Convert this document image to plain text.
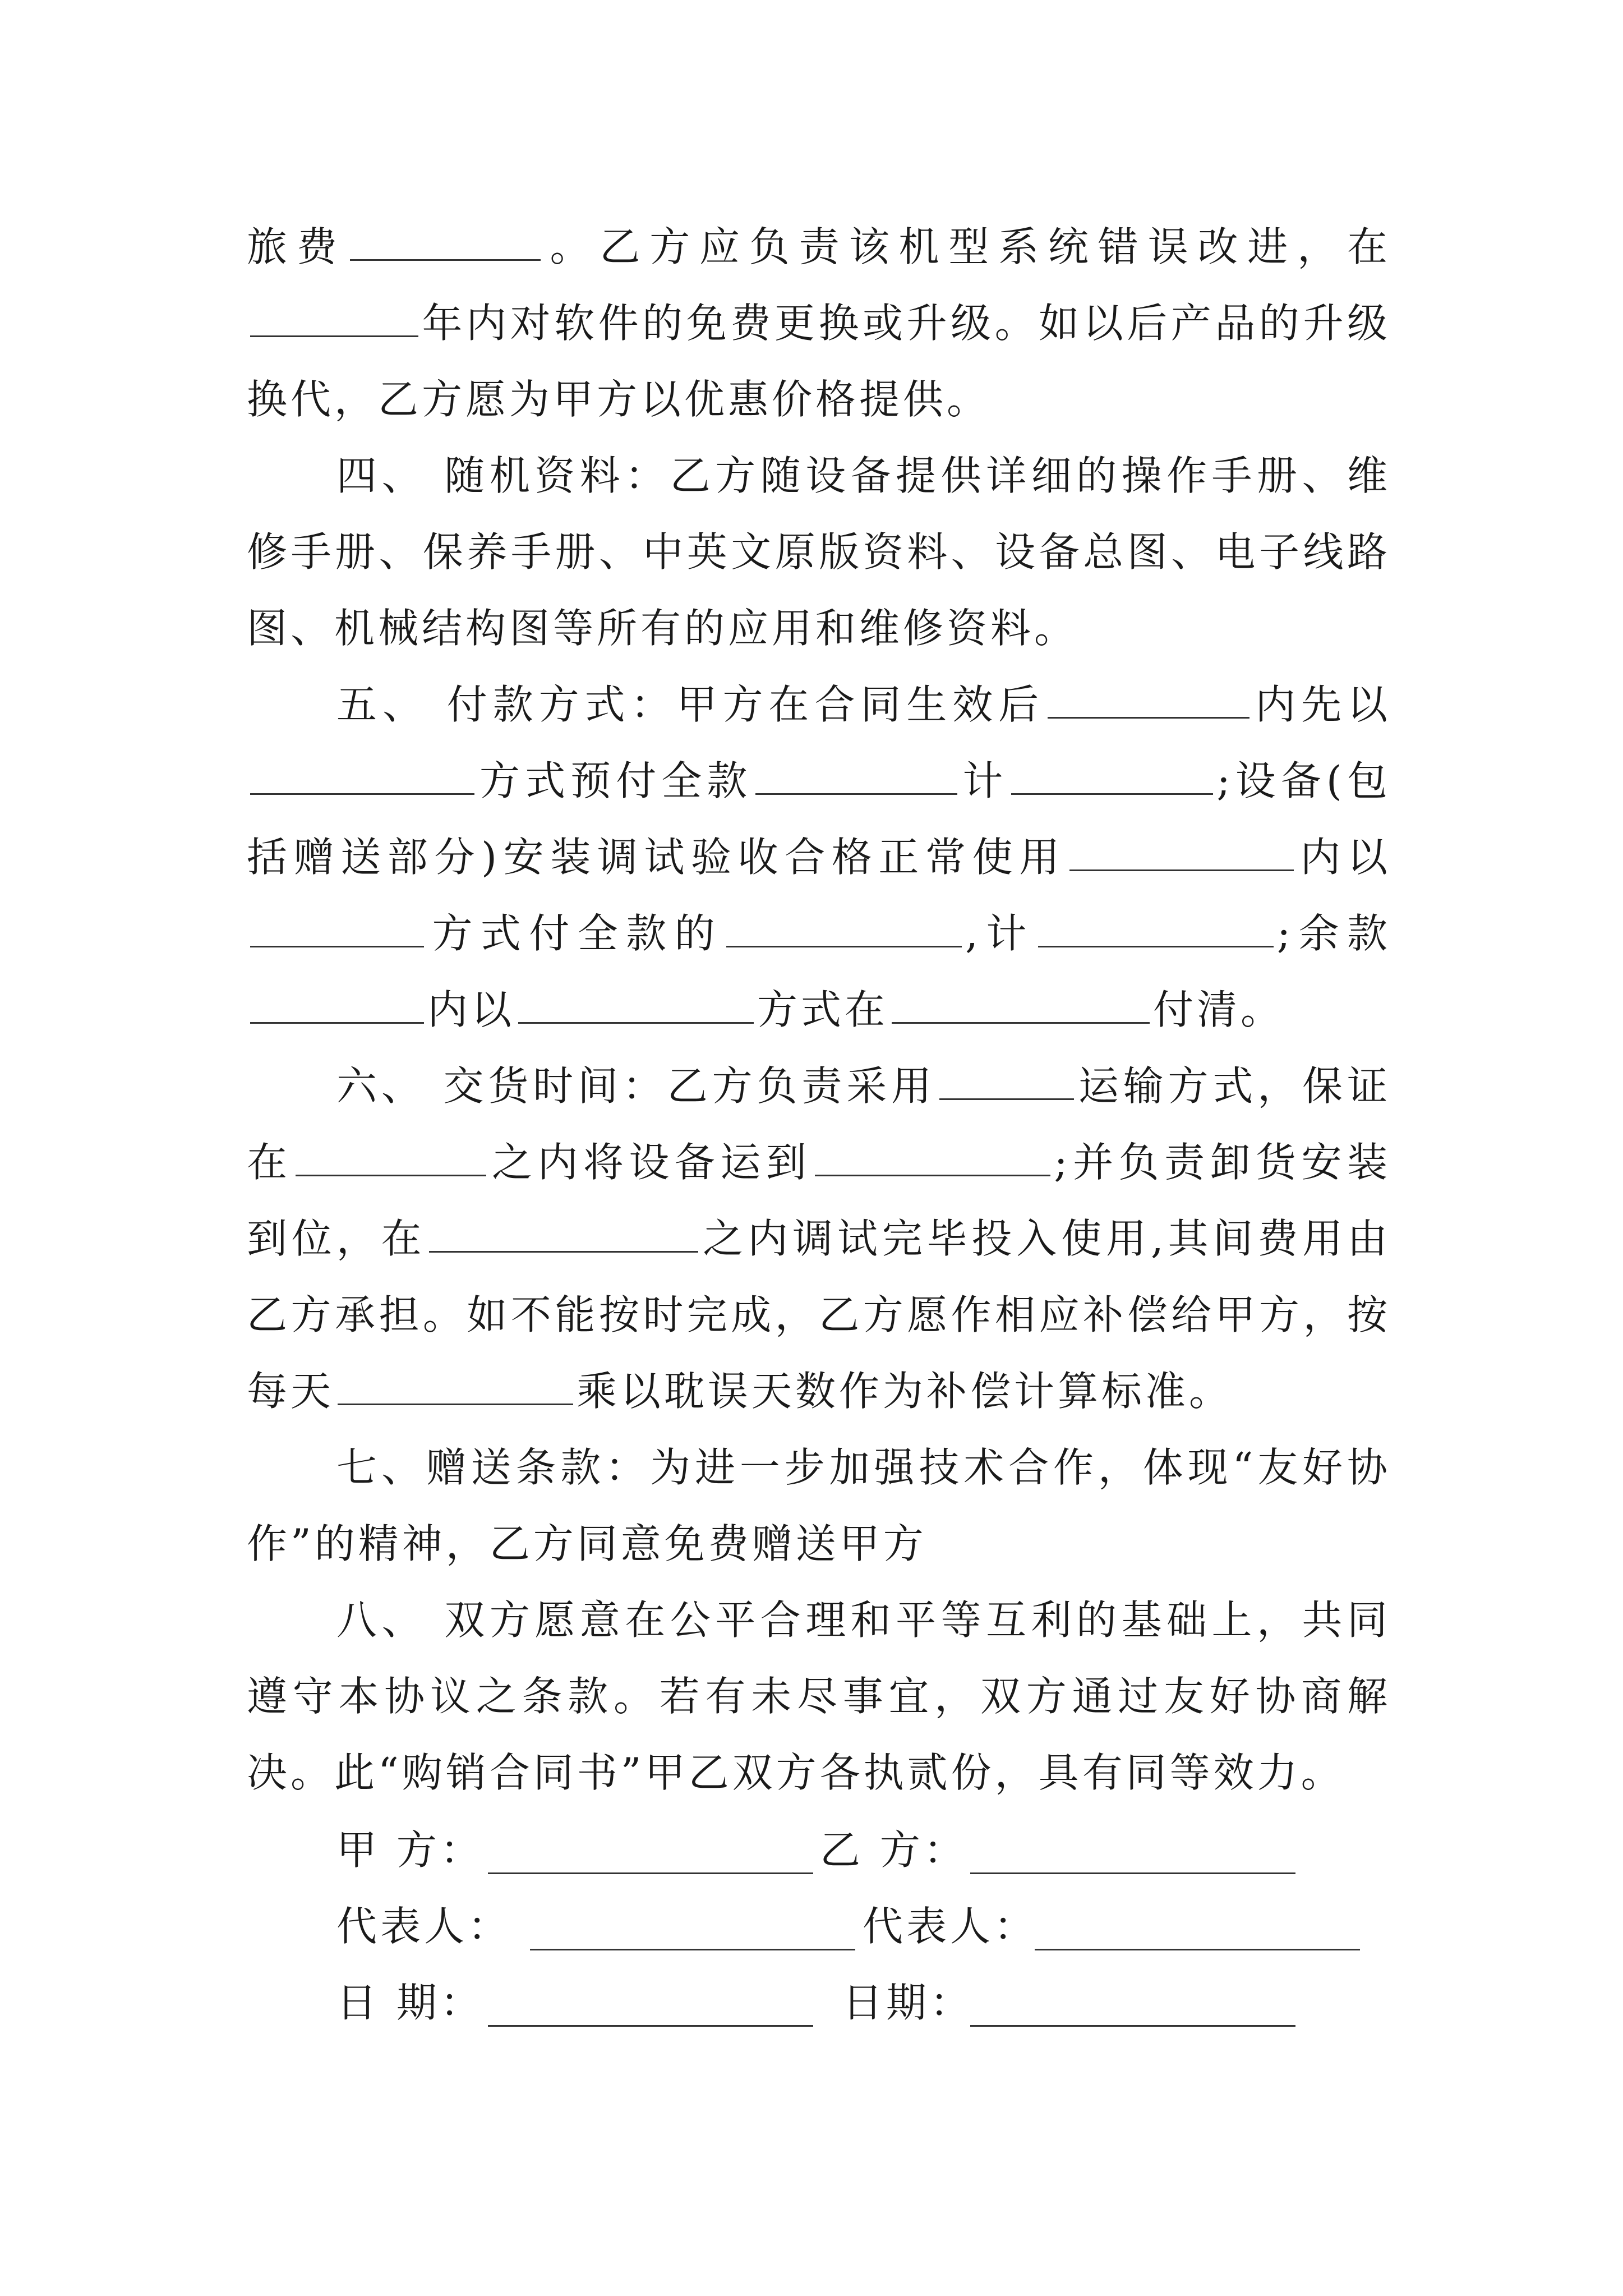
旅费	。乙方应负责该机型系统错误改进，在年内对软件的免费更换或升级。如以后产品的升级换代，乙方愿为甲方以优惠价格提供。

四、 随机资料：乙方随设备提供详细的操作手册、维修手册、保养手册、中英文原版资料、设备总图、电子线路图、机械结构图等所有的应用和维修资料。

五、 付款方式：甲方在合同生效后	内先以方式预付全款	计	;设备(包括赠送部分)安装调试验收合格正常使用	内以方式付全款的	,计	;余款内以	方式在	付清。

六、 交货时间：乙方负责采用	运输方式，保证在	之内将设备运到	;并负责卸货安装到位，在	之内调试完毕投入使用,其间费用由乙方承担。如不能按时完成，乙方愿作相应补偿给甲方，按每天	乘以耽误天数作为补偿计算标准。

七、赠送条款：为进一步加强技术合作，体现“友好协作”的精神，乙方同意免费赠送甲方

八、 双方愿意在公平合理和平等互利的基础上，共同遵守本协议之条款。若有未尽事宜，双方通过友好协商解决。此“购销合同书”甲乙双方各执贰份，具有同等效力。

甲 方：	乙 方：
代表人：	代表人：
日 期：	日期：
